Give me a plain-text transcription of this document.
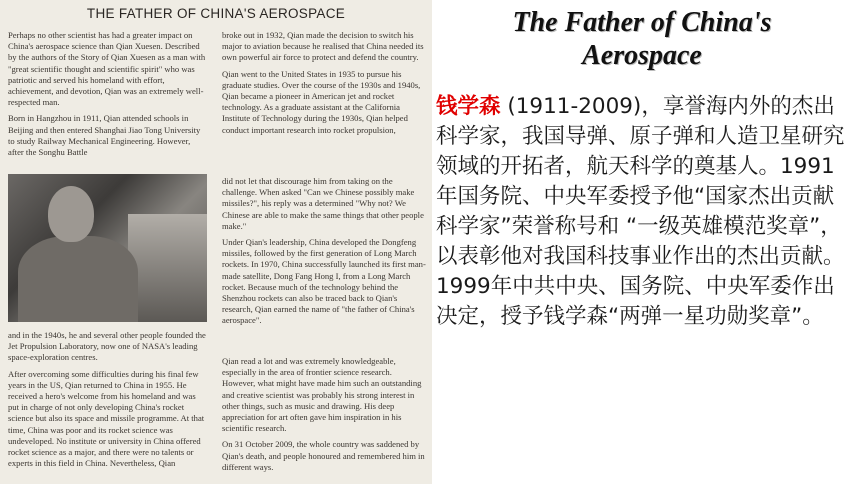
THE FATHER OF CHINA'S AEROSPACE

Perhaps no other scientist has had a greater impact on China's aerospace science than Qian Xuesen. Described by the authors of the Story of Qian Xuesen as a man with "great scientific thought and scientific spirit" who was patriotic and served his homeland with effort, achievement, and devotion, Qian was an extremely well-respected man.

Born in Hangzhou in 1911, Qian attended schools in Beijing and then entered Shanghai Jiao Tong University to study Railway Mechanical Engineering. However, after the Songhu Battle

broke out in 1932, Qian made the decision to switch his major to aviation because he realised that China needed its own powerful air force to protect and defend the country.

Qian went to the United States in 1935 to pursue his graduate studies. Over the course of the 1930s and 1940s, Qian became a pioneer in American jet and rocket technology. As a graduate assistant at the California Institute of Technology during the 1930s, Qian helped conduct important research into rocket propulsion,

did not let that discourage him from taking on the challenge. When asked "Can we Chinese possibly make missiles?", his reply was a determined "Why not? We Chinese are able to make the same things that other people make."

Under Qian's leadership, China developed the Dongfeng missiles, followed by the first generation of Long March rockets. In 1970, China successfully launched its first man-made satellite, Dong Fang Hong I, from a Long March rocket. Because much of the technology behind the Shenzhou rockets can also be traced back to Qian's research, Qian earned the name of "the father of China's aerospace".

and in the 1940s, he and several other people founded the Jet Propulsion Laboratory, now one of NASA's leading space-exploration centres.

After overcoming some difficulties during his final few years in the US, Qian returned to China in 1955. He received a hero's welcome from his homeland and was put in charge of not only developing China's rocket science but also its space and missile programme. At that time, China was poor and its rocket science was undeveloped. No institute or university in China offered rocket science as a major, and there were no talents or experts in this field in China. Nevertheless, Qian

Qian read a lot and was extremely knowledgeable, especially in the area of frontier science research. However, what might have made him such an outstanding and creative scientist was probably his strong interest in other things, such as music and drawing. His deep appreciation for art often gave him inspiration in his scientific research.

On 31 October 2009, the whole country was saddened by Qian's death, and people honoured and remembered him in different ways.

The Father of China's Aerospace
钱学森 (1911-2009)，享誉海内外的杰出科学家，我国导弹、原子弹和人造卫星研究领域的开拓者，航天科学的奠基人。1991年国务院、中央军委授予他“国家杰出贡献科学家”荣誉称号和 “一级英雄模范奖章”，以表彰他对我国科技事业作出的杰出贡献。1999年中共中央、国务院、中央军委作出决定，授予钱学森“两弹一星功勋奖章”。
